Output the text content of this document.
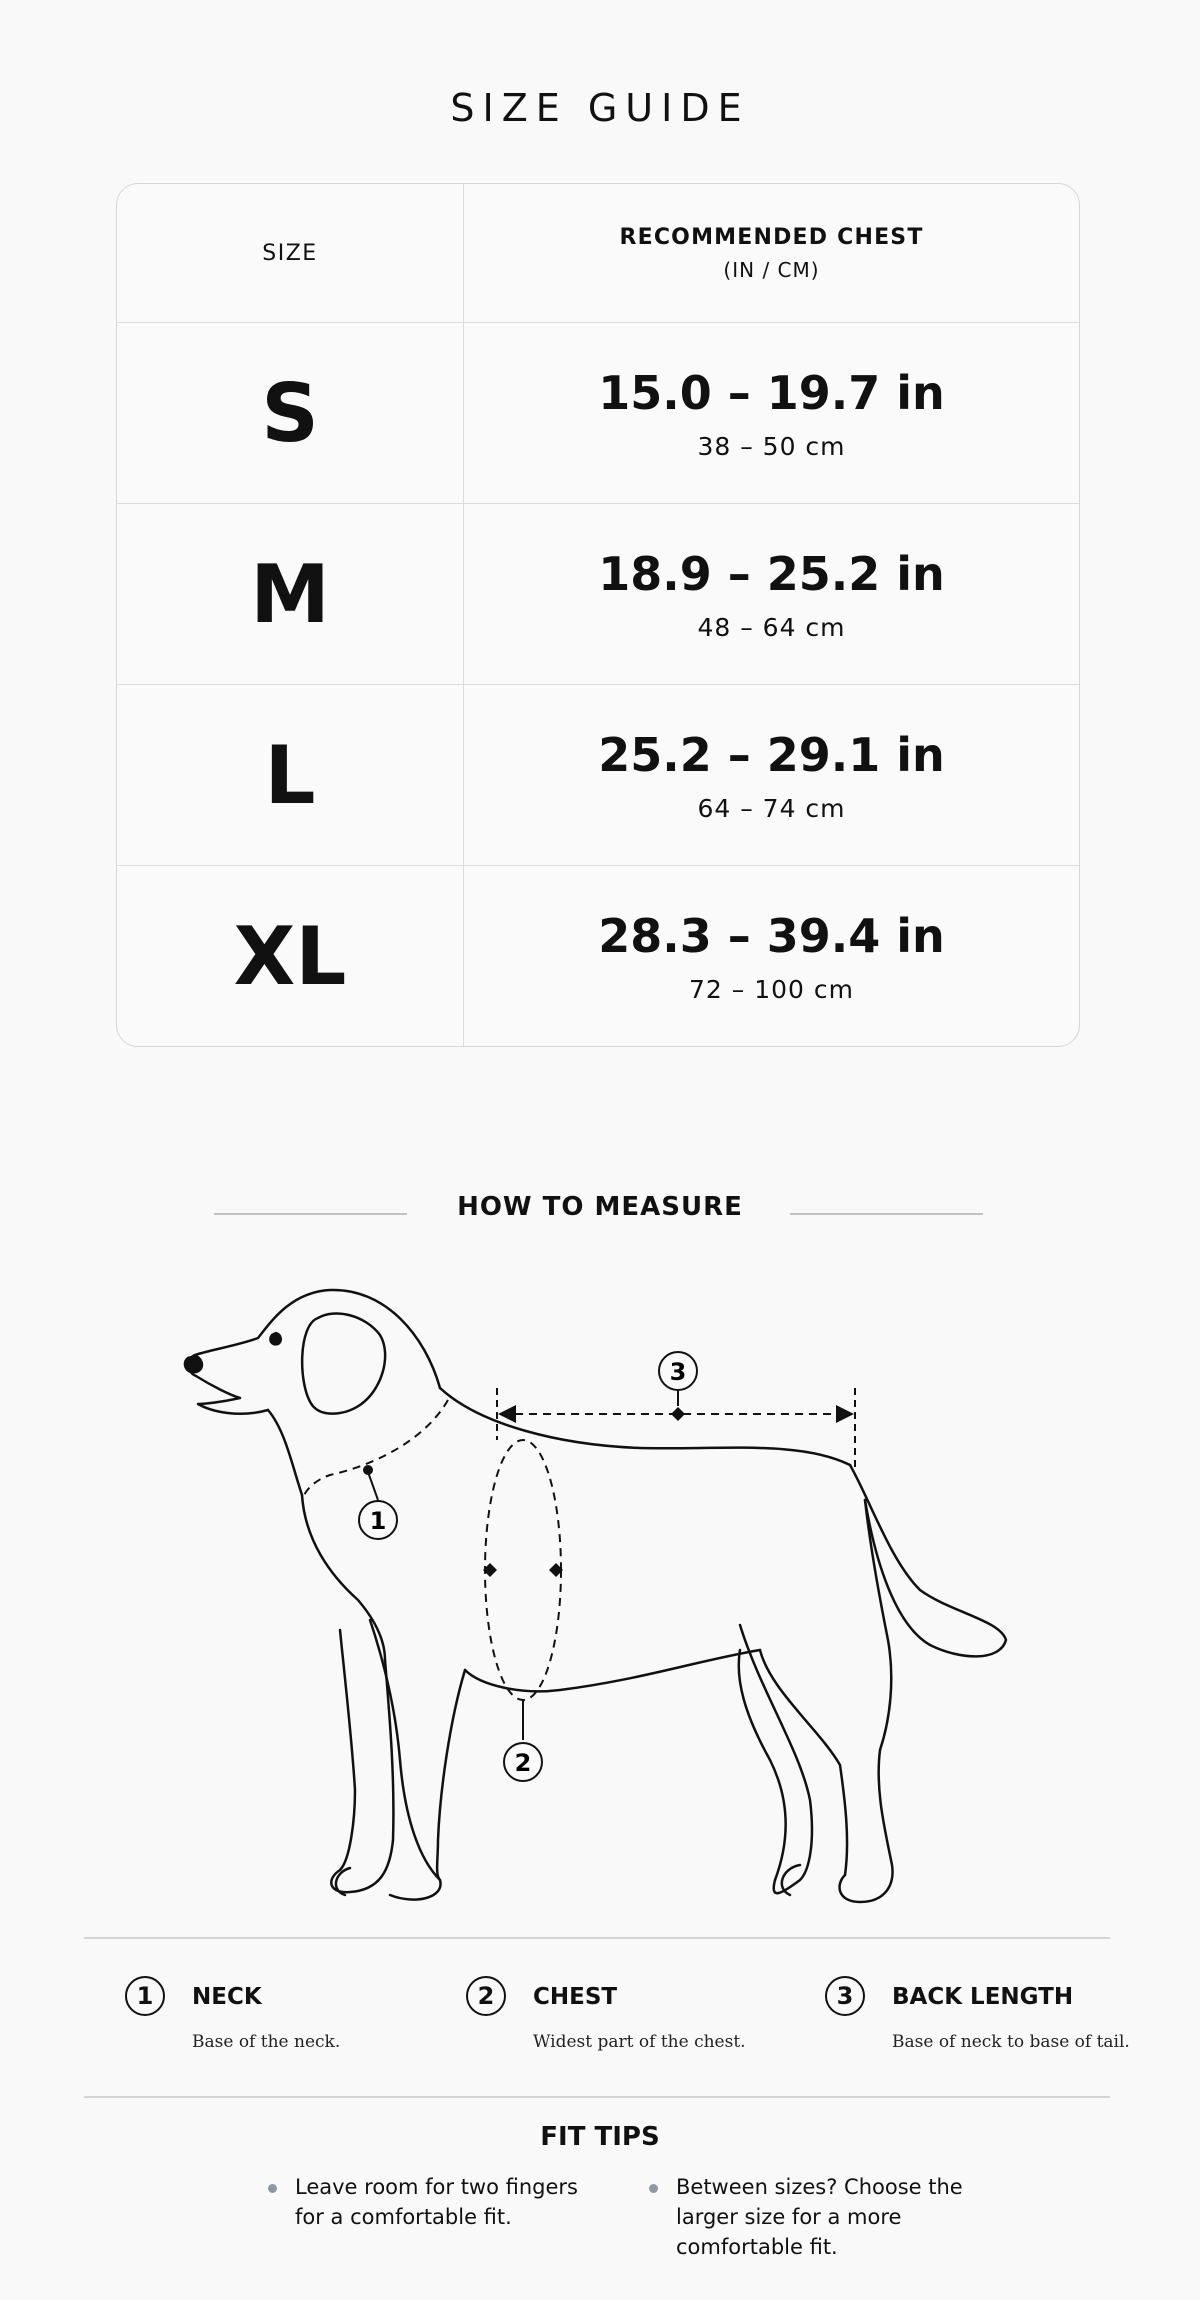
SIZE GUIDE
SIZE
RECOMMENDED CHEST
(IN / CM)
S	15.0 – 19.7 in
38 – 50 cm
M	18.9 – 25.2 in
48 – 64 cm
L	25.2 – 29.1 in
64 – 74 cm
XL	28.3 – 39.4 in
72 – 100 cm
HOW TO MEASURE
1
2
3
1	NECK
Base of the neck.
2	CHEST
Widest part of the chest.
3	BACK LENGTH
Base of neck to base of tail.
FIT TIPS
Leave room for two fingers
for a comfortable fit.
Between sizes? Choose the
larger size for a more
comfortable fit.
